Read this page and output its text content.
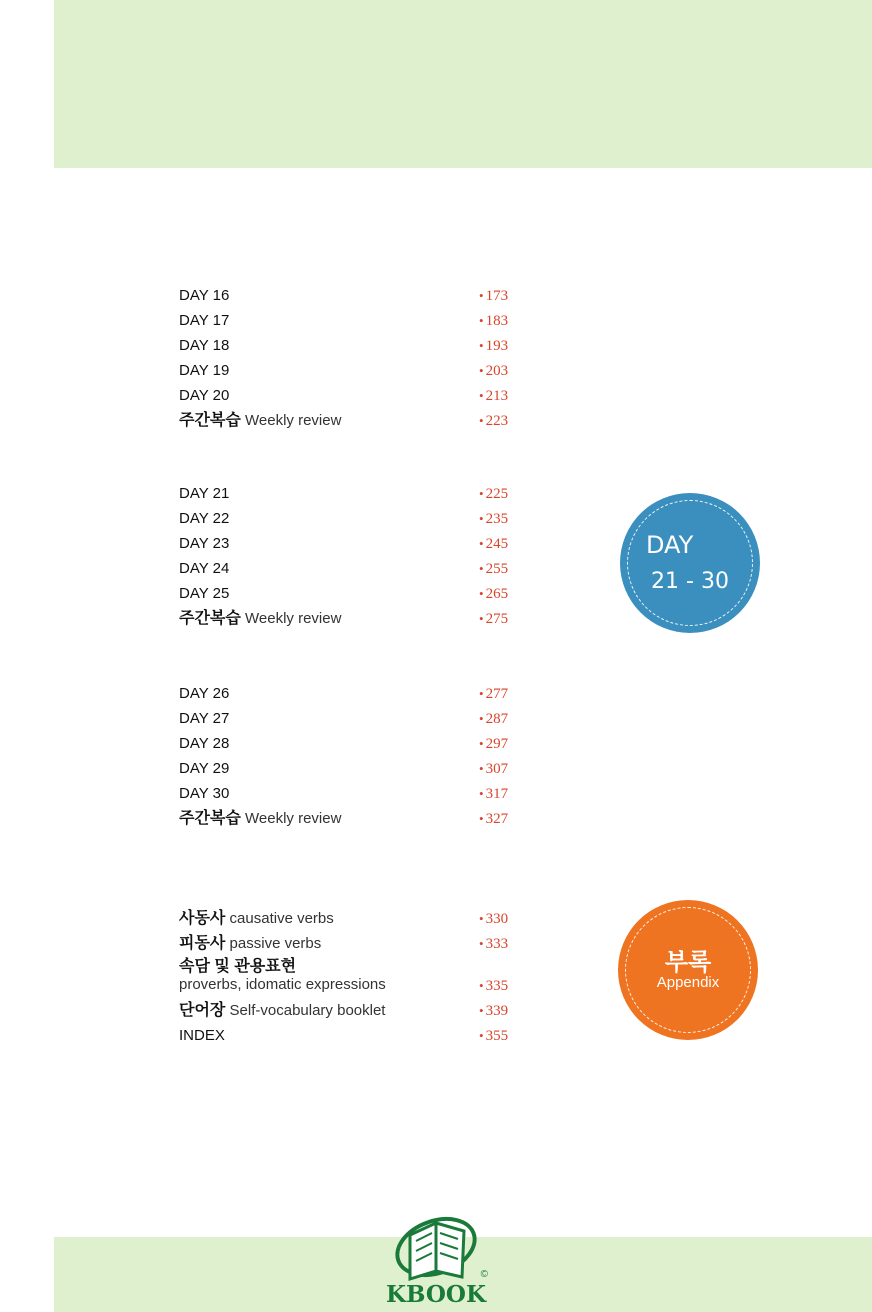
DAY 16	• 173
DAY 17	• 183
DAY 18	• 193
DAY 19	• 203
DAY 20	• 213
주간복습 Weekly review	• 223
DAY 21	• 225
DAY 22	• 235
DAY 23	• 245
DAY 24	• 255
DAY 25	• 265
주간복습 Weekly review	• 275
DAY 26	• 277
DAY 27	• 287
DAY 28	• 297
DAY 29	• 307
DAY 30	• 317
주간복습 Weekly review	• 327
사동사 causative verbs	• 330
피동사 passive verbs	• 333
속담 및 관용표현
proverbs, idomatic expressions	• 335
단어장 Self-vocabulary booklet	• 339
INDEX	• 355
DAY
21 - 30
부록
Appendix
KBOOK
©
